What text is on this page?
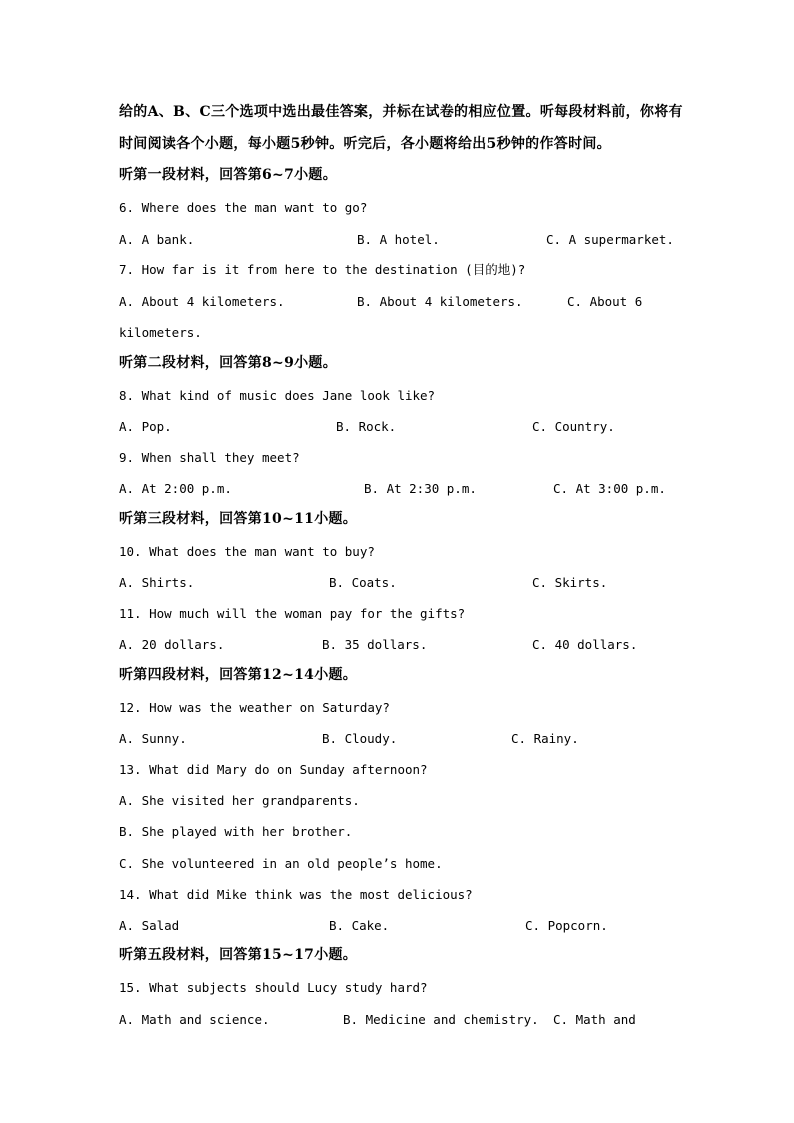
给的A、B、C三个选项中选出最佳答案，并标在试卷的相应位置。听每段材料前，你将有
时间阅读各个小题，每小题5秒钟。听完后，各小题将给出5秒钟的作答时间。
听第一段材料，回答第6~7小题。
6. Where does the man want to go?
A. A bank.	B. A hotel.	C. A supermarket.
7. How far is it from here to the destination (目的地)?
A. About 4 kilometers.	B. About 4 kilometers.	C. About 6
kilometers.
听第二段材料，回答第8~9小题。
8. What kind of music does Jane look like?
A. Pop.	B. Rock.	C. Country.
9. When shall they meet?
A. At 2:00 p.m.	B. At 2:30 p.m.	C. At 3:00 p.m.
听第三段材料，回答第10~11小题。
10. What does the man want to buy?
A. Shirts.	B. Coats.	C. Skirts.
11. How much will the woman pay for the gifts?
A. 20 dollars.	B. 35 dollars.	C. 40 dollars.
听第四段材料，回答第12~14小题。
12. How was the weather on Saturday?
A. Sunny.	B. Cloudy.	C. Rainy.
13. What did Mary do on Sunday afternoon?
A. She visited her grandparents.
B. She played with her brother.
C. She volunteered in an old people’s home.
14. What did Mike think was the most delicious?
A. Salad	B. Cake.	C. Popcorn.
听第五段材料，回答第15~17小题。
15. What subjects should Lucy study hard?
A. Math and science.	B. Medicine and chemistry. C. Math and
